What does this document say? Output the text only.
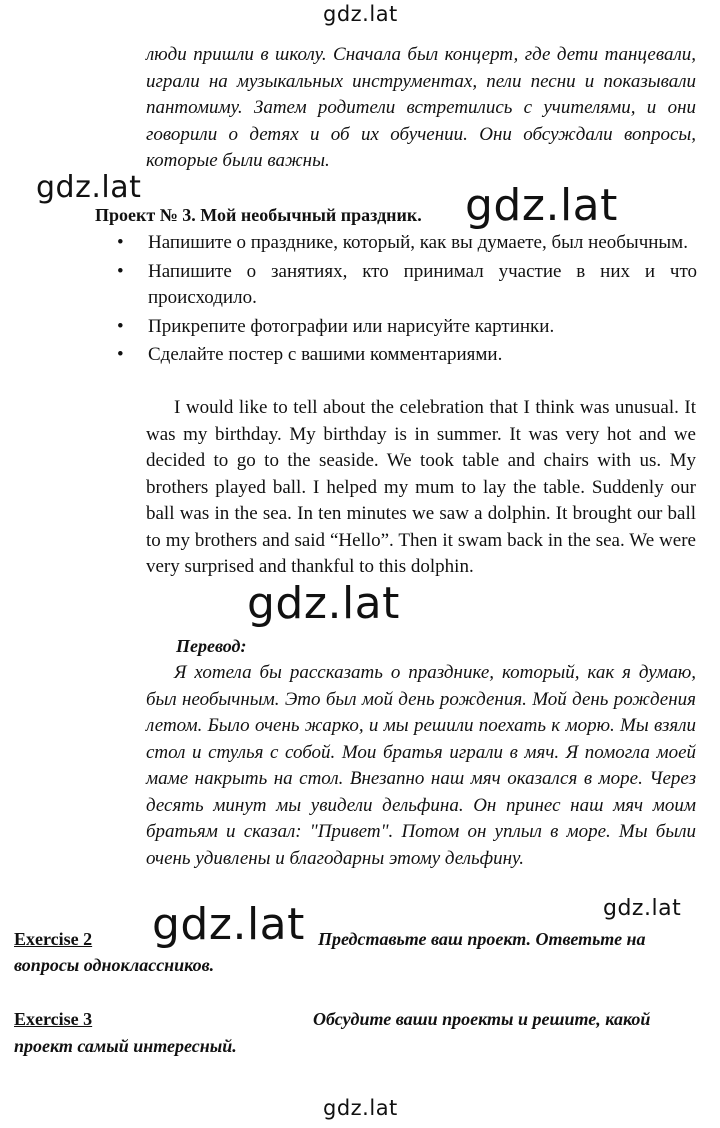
gdz.lat
gdz.lat	gdz.lat
gdz.lat
gdz.lat
gdz.lat
gdz.lat
люди пришли в школу. Сначала был концерт, где дети танцевали, играли на музыкальных инструментах, пели песни и показывали пантомиму. Затем родители встретились с учителями, и они говорили о детях и об их обучении. Они обсуждали вопросы, которые были важны.
Проект № 3. Мой необычный праздник.
• Напишите о празднике, который, как вы думаете, был необычным.
• Напишите о занятиях, кто принимал участие в них и что происходило.
• Прикрепите фотографии или нарисуйте картинки.
• Сделайте постер с вашими комментариями.
I would like to tell about the celebration that I think was unusual. It was my birthday. My birthday is in summer. It was very hot and we decided to go to the seaside. We took table and chairs with us. My brothers played ball. I helped my mum to lay the table. Suddenly our ball was in the sea. In ten minutes we saw a dolphin. It brought our ball to my brothers and said “Hello”. Then it swam back in the sea. We were very surprised and thankful to this dolphin.
Перевод:
Я хотела бы рассказать о празднике, который, как я думаю, был необычным. Это был мой день рождения. Мой день рождения летом. Было очень жарко, и мы решили поехать к морю. Мы взяли стол и стулья с собой. Мои братья играли в мяч. Я помогла моей маме накрыть на стол. Внезапно наш мяч оказался в море. Через десять минут мы увидели дельфина. Он принес наш мяч моим братьям и сказал: "Привет". Потом он уплыл в море. Мы были очень удивлены и благодарны этому дельфину.
Exercise 2	Представьте ваш проект. Ответьте на
вопросы одноклассников.
Exercise 3	Обсудите ваши проекты и решите, какой
проект самый интересный.
